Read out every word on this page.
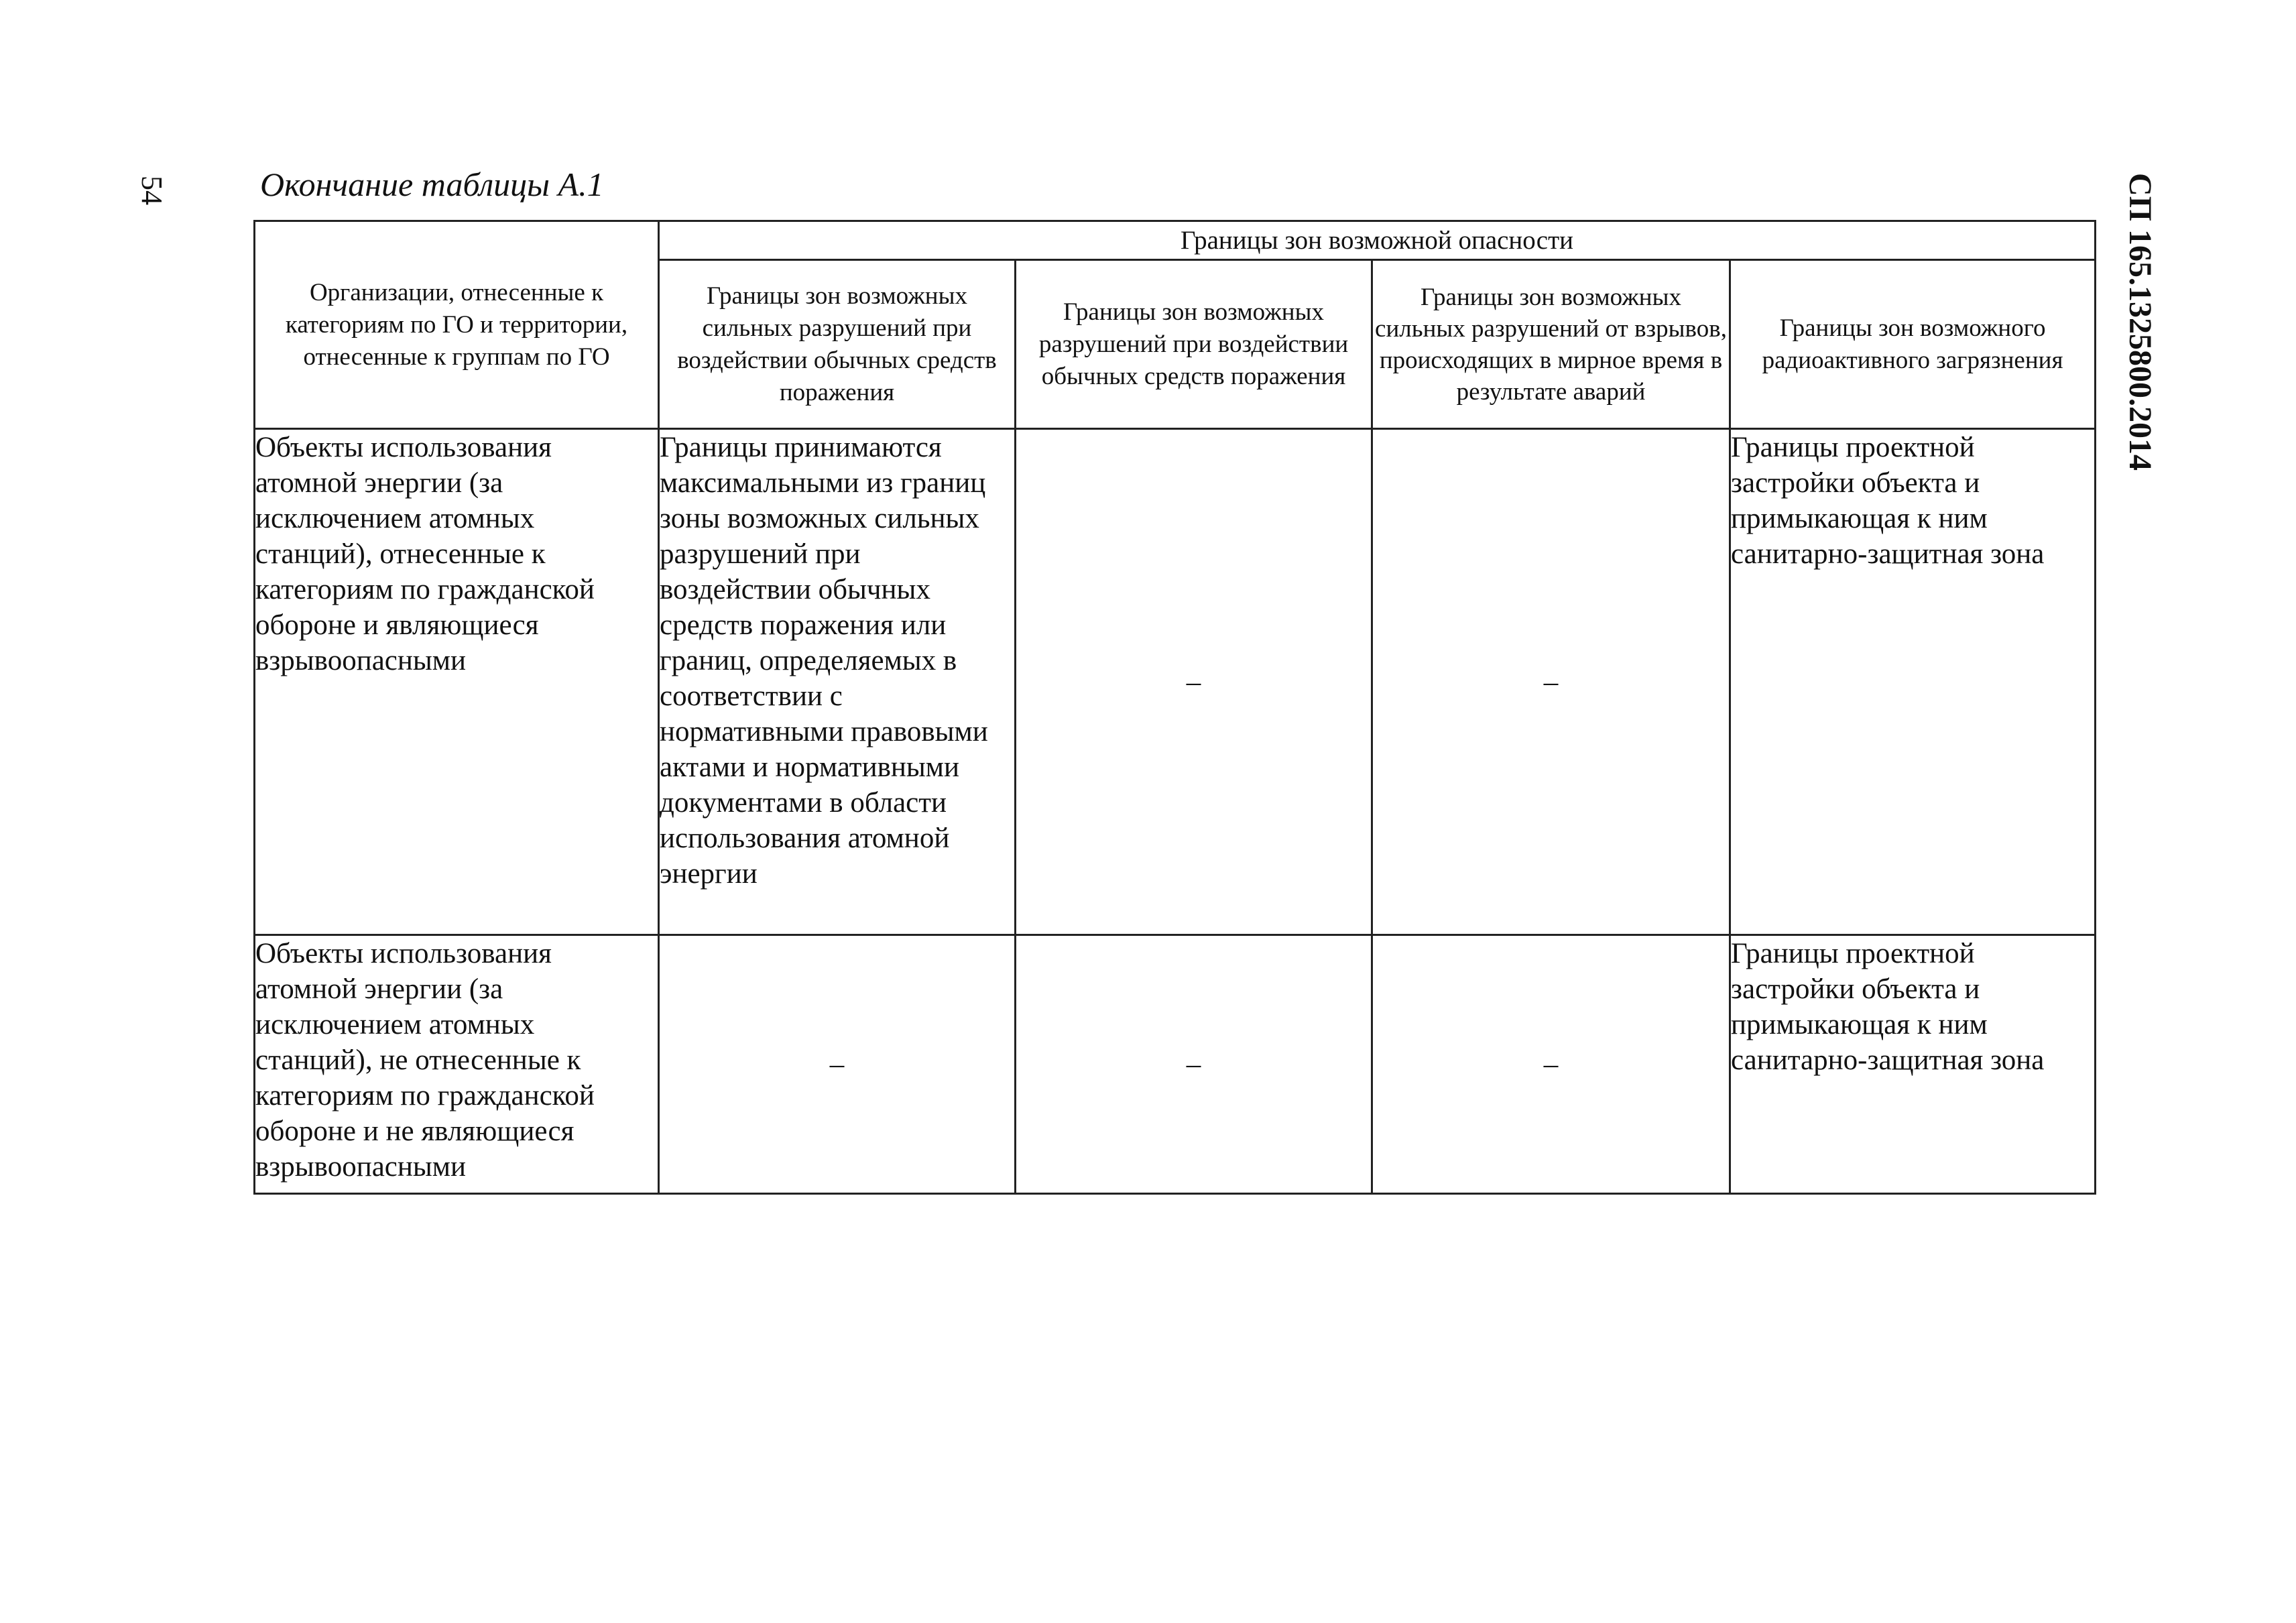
54	СП 165.1325800.2014
Окончание таблицы А.1
Организации, отнесенные к категориям по ГО и территории, отнесенные к группам по ГО	Границы зон возможной опасности			
	Границы зон возможных сильных разрушений при воздействии обычных средств поражения	Границы зон возможных разрушений при воздействии обычных средств поражения	Границы зон возможных сильных разрушений от взрывов, происходящих в мирное время в результате аварий	Границы зон возможного радиоактивного загрязнения
Объекты использования атомной энергии (за исключением атомных станций), отнесенные к категориям по гражданской обороне и являющиеся взрывоопасными	Границы принимаются максимальными из границ зоны возможных сильных разрушений при воздействии обычных средств поражения или границ, определяемых в соответствии с нормативными правовыми актами и нормативными документами в области использования атомной энергии	–	–	Границы проектной застройки объекта и примыкающая к ним санитарно-защитная зона
Объекты использования атомной энергии (за исключением атомных станций), не отнесенные к категориям по гражданской обороне и не являющиеся взрывоопасными	–	–	–	Границы проектной застройки объекта и примыкающая к ним санитарно-защитная зона
